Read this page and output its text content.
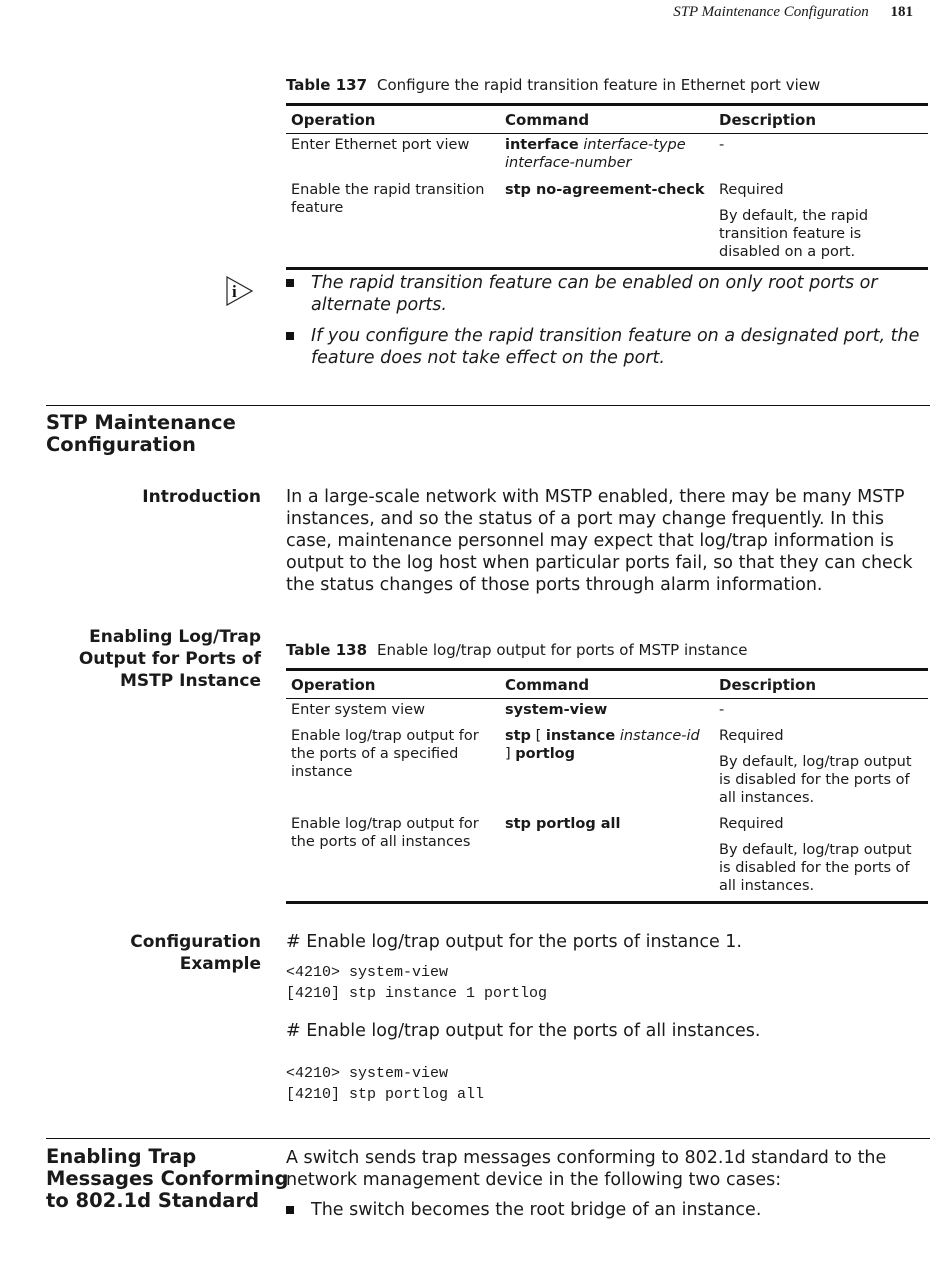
STP Maintenance Configuration 181
Table 137 Configure the rapid transition feature in Ethernet port view
Operation	Command	Description
Enter Ethernet port view	interface interface-type interface-number	-
Enable the rapid transition feature	stp no-agreement-check	Required

By default, the rapid transition feature is disabled on a port.

i	The rapid transition feature can be enabled on only root ports or alternate ports.
If you configure the rapid transition feature on a designated port, the feature does not take effect on the port.
STP Maintenance
Configuration
Introduction In a large-scale network with MSTP enabled, there may be many MSTP instances, and so the status of a port may change frequently. In this case, maintenance personnel may expect that log/trap information is output to the log host when particular ports fail, so that they can check the status changes of those ports through alarm information.
Enabling Log/Trap
Output for Ports of
MSTP Instance
Table 138 Enable log/trap output for ports of MSTP instance
Operation	Command	Description
Enter system view	system-view	-
Enable log/trap output for the ports of a specified instance	stp [ instance instance-id ] portlog	Required

By default, log/trap output is disabled for the ports of all instances.

Enable log/trap output for the ports of all instances	stp portlog all	Required

By default, log/trap output is disabled for the ports of all instances.

Configuration Example
# Enable log/trap output for the ports of instance 1.
<4210> system-view
[4210] stp instance 1 portlog
# Enable log/trap output for the ports of all instances.
<4210> system-view
[4210] stp portlog all
Enabling Trap
Messages Conforming
to 802.1d Standard
A switch sends trap messages conforming to 802.1d standard to the network management device in the following two cases:
The switch becomes the root bridge of an instance.
